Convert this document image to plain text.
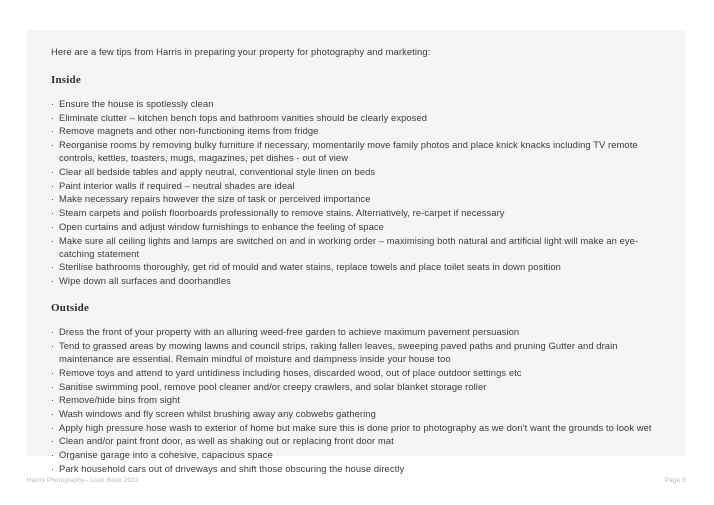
Here are a few tips from Harris in preparing your property for photography and marketing:

Inside
· Ensure the house is spotlessly clean
· Eliminate clutter – kitchen bench tops and bathroom vanities should be clearly exposed
· Remove magnets and other non-functioning items from fridge
· Reorganise rooms by removing bulky furniture if necessary, momentarily move family photos and place knick knacks including TV remote controls, kettles, toasters, mugs, magazines, pet dishes - out of view
· Clear all bedside tables and apply neutral, conventional style linen on beds
· Paint interior walls if required – neutral shades are ideal
· Make necessary repairs however the size of task or perceived importance
· Steam carpets and polish floorboards professionally to remove stains. Alternatively, re-carpet if necessary
· Open curtains and adjust window furnishings to enhance the feeling of space
· Make sure all ceiling lights and lamps are switched on and in working order – maximising both natural and artificial light will make an eye-catching statement
· Sterilise bathrooms thoroughly, get rid of mould and water stains, replace towels and place toilet seats in down position
· Wipe down all surfaces and doorhandles
Outside
· Dress the front of your property with an alluring weed-free garden to achieve maximum pavement persuasion
· Tend to grassed areas by mowing lawns and council strips, raking fallen leaves, sweeping paved paths and pruning Gutter and drain maintenance are essential. Remain mindful of moisture and dampness inside your house too
· Remove toys and attend to yard untidiness including hoses, discarded wood, out of place outdoor settings etc
· Sanitise swimming pool, remove pool cleaner and/or creepy crawlers, and solar blanket storage roller
· Remove/hide bins from sight
· Wash windows and fly screen whilst brushing away any cobwebs gathering
· Apply high pressure hose wash to exterior of home but make sure this is done prior to photography as we don’t want the grounds to look wet
· Clean and/or paint front door, as well as shaking out or replacing front door mat
· Organise garage into a cohesive, capacious space
· Park household cars out of driveways and shift those obscuring the house directly
Harris Photography– Look Book 2022	Page 5
